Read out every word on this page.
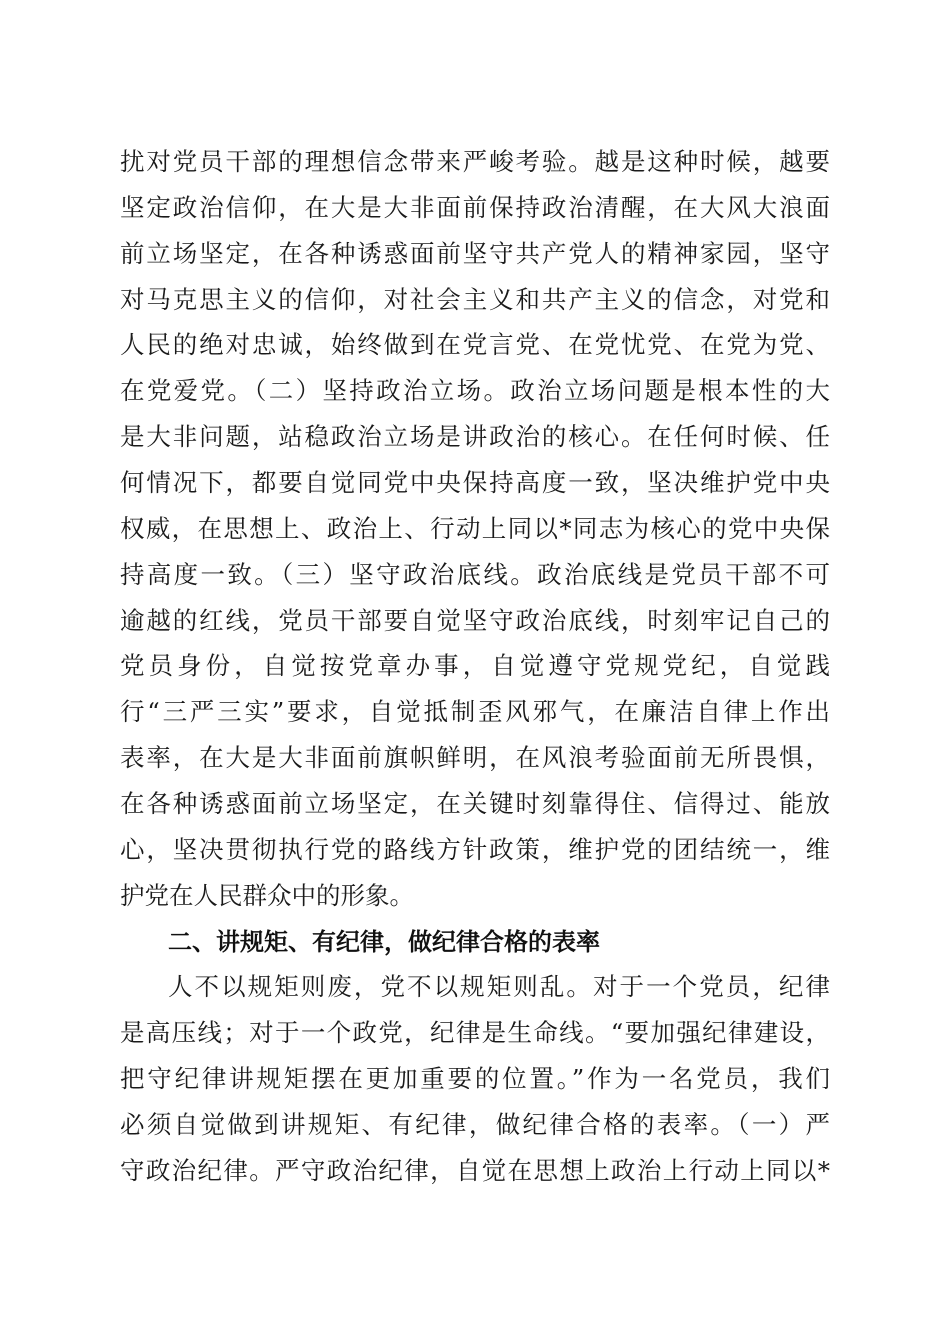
扰对党员干部的理想信念带来严峻考验。越是这种时候，越要
坚定政治信仰，在大是大非面前保持政治清醒，在大风大浪面
前立场坚定，在各种诱惑面前坚守共产党人的精神家园，坚守
对马克思主义的信仰，对社会主义和共产主义的信念，对党和
人民的绝对忠诚，始终做到在党言党、在党忧党、在党为党、
在党爱党。（二）坚持政治立场。政治立场问题是根本性的大
是大非问题，站稳政治立场是讲政治的核心。在任何时候、任
何情况下，都要自觉同党中央保持高度一致，坚决维护党中央
权威，在思想上、政治上、行动上同以*同志为核心的党中央保
持高度一致。（三）坚守政治底线。政治底线是党员干部不可
逾越的红线，党员干部要自觉坚守政治底线，时刻牢记自己的
党员身份，自觉按党章办事，自觉遵守党规党纪，自觉践
行“三严三实”要求，自觉抵制歪风邪气，在廉洁自律上作出
表率，在大是大非面前旗帜鲜明，在风浪考验面前无所畏惧，
在各种诱惑面前立场坚定，在关键时刻靠得住、信得过、能放
心，坚决贯彻执行党的路线方针政策，维护党的团结统一，维
护党在人民群众中的形象。
二、讲规矩、有纪律，做纪律合格的表率
人不以规矩则废，党不以规矩则乱。对于一个党员，纪律
是高压线；对于一个政党，纪律是生命线。“要加强纪律建设，
把守纪律讲规矩摆在更加重要的位置。”作为一名党员，我们
必须自觉做到讲规矩、有纪律，做纪律合格的表率。（一）严
守政治纪律。严守政治纪律，自觉在思想上政治上行动上同以*
